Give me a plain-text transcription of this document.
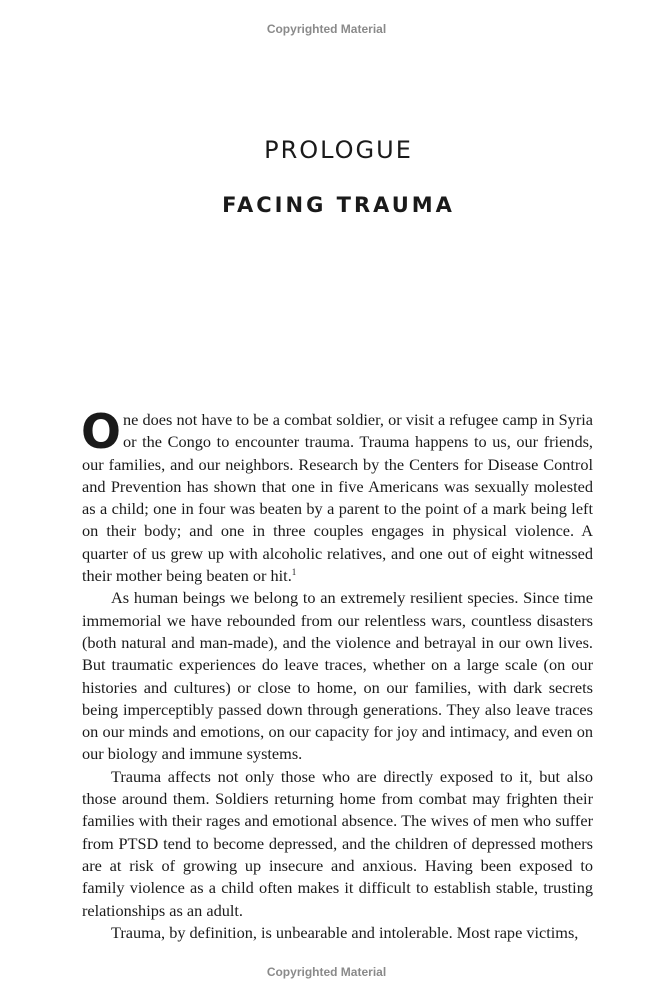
Copyrighted Material
PROLOGUE
FACING TRAUMA

One does not have to be a combat soldier, or visit a refugee camp in Syria or the Congo to encounter trauma. Trauma happens to us, our friends, our families, and our neighbors. Research by the Centers for Disease Control and Prevention has shown that one in five Americans was sexually molested as a child; one in four was beaten by a parent to the point of a mark being left on their body; and one in three couples engages in physical violence. A quarter of us grew up with alcoholic relatives, and one out of eight witnessed their mother being beaten or hit.$^1$

As human beings we belong to an extremely resilient species. Since time immemorial we have rebounded from our relentless wars, countless disasters (both natural and man-made), and the violence and betrayal in our own lives. But traumatic experiences do leave traces, whether on a large scale (on our histories and cultures) or close to home, on our families, with dark secrets being imperceptibly passed down through generations. They also leave traces on our minds and emotions, on our capacity for joy and intimacy, and even on our biology and immune systems.

Trauma affects not only those who are directly exposed to it, but also those around them. Soldiers returning home from combat may frighten their families with their rages and emotional absence. The wives of men who suffer from PTSD tend to become depressed, and the children of depressed mothers are at risk of growing up insecure and anxious. Having been exposed to family violence as a child often makes it difficult to establish stable, trusting relationships as an adult.

Trauma, by definition, is unbearable and intolerable. Most rape victims,

Copyrighted Material
